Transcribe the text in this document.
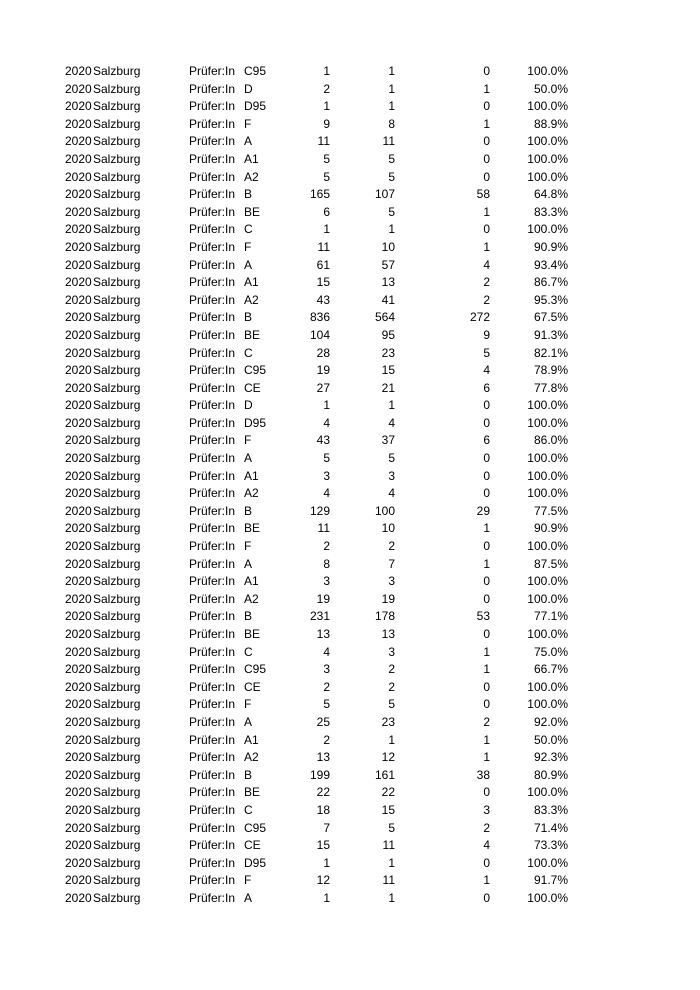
2020 Salzburg	Prüfer:In C95	1	1	0	100.0%
2020 Salzburg	Prüfer:In D	2	1	1	50.0%
2020 Salzburg	Prüfer:In D95	1	1	0	100.0%
2020 Salzburg	Prüfer:In F	9	8	1	88.9%
2020 Salzburg	Prüfer:In A	11	11	0	100.0%
2020 Salzburg	Prüfer:In A1	5	5	0	100.0%
2020 Salzburg	Prüfer:In A2	5	5	0	100.0%
2020 Salzburg	Prüfer:In B	165	107	58	64.8%
2020 Salzburg	Prüfer:In BE	6	5	1	83.3%
2020 Salzburg	Prüfer:In C	1	1	0	100.0%
2020 Salzburg	Prüfer:In F	11	10	1	90.9%
2020 Salzburg	Prüfer:In A	61	57	4	93.4%
2020 Salzburg	Prüfer:In A1	15	13	2	86.7%
2020 Salzburg	Prüfer:In A2	43	41	2	95.3%
2020 Salzburg	Prüfer:In B	836	564	272	67.5%
2020 Salzburg	Prüfer:In BE	104	95	9	91.3%
2020 Salzburg	Prüfer:In C	28	23	5	82.1%
2020 Salzburg	Prüfer:In C95	19	15	4	78.9%
2020 Salzburg	Prüfer:In CE	27	21	6	77.8%
2020 Salzburg	Prüfer:In D	1	1	0	100.0%
2020 Salzburg	Prüfer:In D95	4	4	0	100.0%
2020 Salzburg	Prüfer:In F	43	37	6	86.0%
2020 Salzburg	Prüfer:In A	5	5	0	100.0%
2020 Salzburg	Prüfer:In A1	3	3	0	100.0%
2020 Salzburg	Prüfer:In A2	4	4	0	100.0%
2020 Salzburg	Prüfer:In B	129	100	29	77.5%
2020 Salzburg	Prüfer:In BE	11	10	1	90.9%
2020 Salzburg	Prüfer:In F	2	2	0	100.0%
2020 Salzburg	Prüfer:In A	8	7	1	87.5%
2020 Salzburg	Prüfer:In A1	3	3	0	100.0%
2020 Salzburg	Prüfer:In A2	19	19	0	100.0%
2020 Salzburg	Prüfer:In B	231	178	53	77.1%
2020 Salzburg	Prüfer:In BE	13	13	0	100.0%
2020 Salzburg	Prüfer:In C	4	3	1	75.0%
2020 Salzburg	Prüfer:In C95	3	2	1	66.7%
2020 Salzburg	Prüfer:In CE	2	2	0	100.0%
2020 Salzburg	Prüfer:In F	5	5	0	100.0%
2020 Salzburg	Prüfer:In A	25	23	2	92.0%
2020 Salzburg	Prüfer:In A1	2	1	1	50.0%
2020 Salzburg	Prüfer:In A2	13	12	1	92.3%
2020 Salzburg	Prüfer:In B	199	161	38	80.9%
2020 Salzburg	Prüfer:In BE	22	22	0	100.0%
2020 Salzburg	Prüfer:In C	18	15	3	83.3%
2020 Salzburg	Prüfer:In C95	7	5	2	71.4%
2020 Salzburg	Prüfer:In CE	15	11	4	73.3%
2020 Salzburg	Prüfer:In D95	1	1	0	100.0%
2020 Salzburg	Prüfer:In F	12	11	1	91.7%
2020 Salzburg	Prüfer:In A	1	1	0	100.0%
